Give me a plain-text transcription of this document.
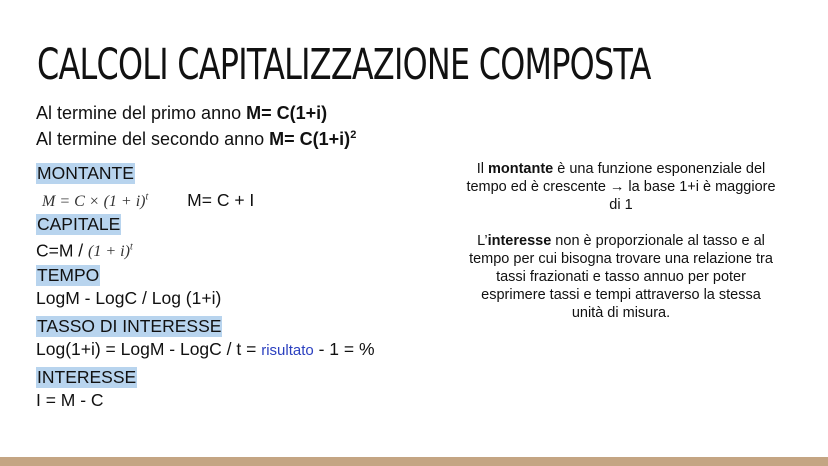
CALCOLI CAPITALIZZAZIONE COMPOSTA
Al termine del primo anno M= C(1+i)
Al termine del secondo anno $M= C(1+i)^2$
MONTANTE
$M = C \times (1 + i)^t$ M= C + I
CAPITALE
$C=M / (1 + i)^t$
TEMPO
LogM - LogC / Log (1+i)
TASSO DI INTERESSE
Log(1+i) = LogM - LogC / t = risultato - 1 = %
INTERESSE
I = M - C

Il montante è una funzione esponenziale del tempo ed è crescente → la base 1+i è maggiore di 1

L’interesse non è proporzionale al tasso e al tempo per cui bisogna trovare una relazione tra tassi frazionati e tasso annuo per poter esprimere tassi e tempi attraverso la stessa unità di misura.
